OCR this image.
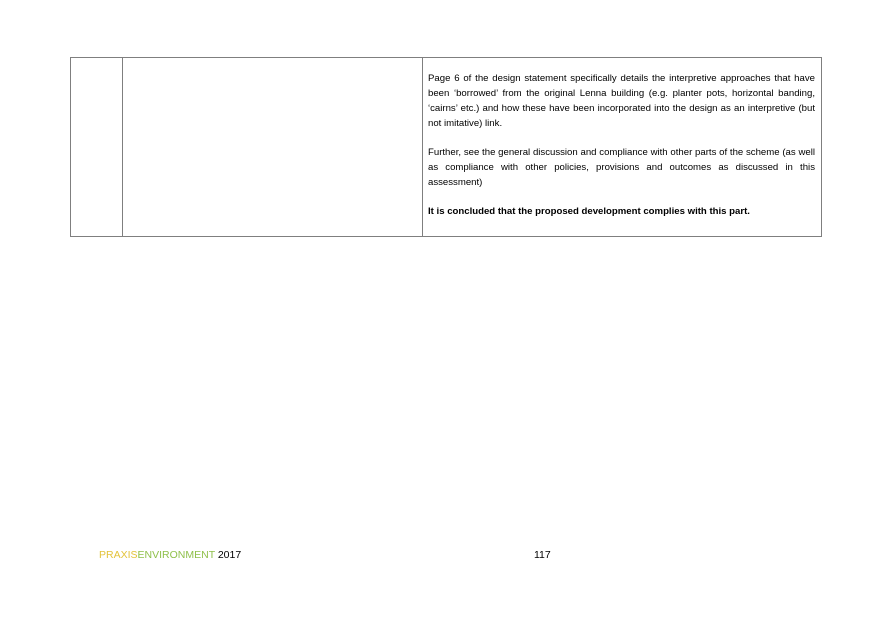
Page 6 of the design statement specifically details the interpretive approaches that have been ‘borrowed’ from the original Lenna building (e.g. planter pots, horizontal banding, ‘cairns’ etc.) and how these have been incorporated into the design as an interpretive (but not imitative) link.

Further, see the general discussion and compliance with other parts of the scheme (as well as compliance with other policies, provisions and outcomes as discussed in this assessment)

It is concluded that the proposed development complies with this part.

PRAXISENVIRONMENT 2017	117
